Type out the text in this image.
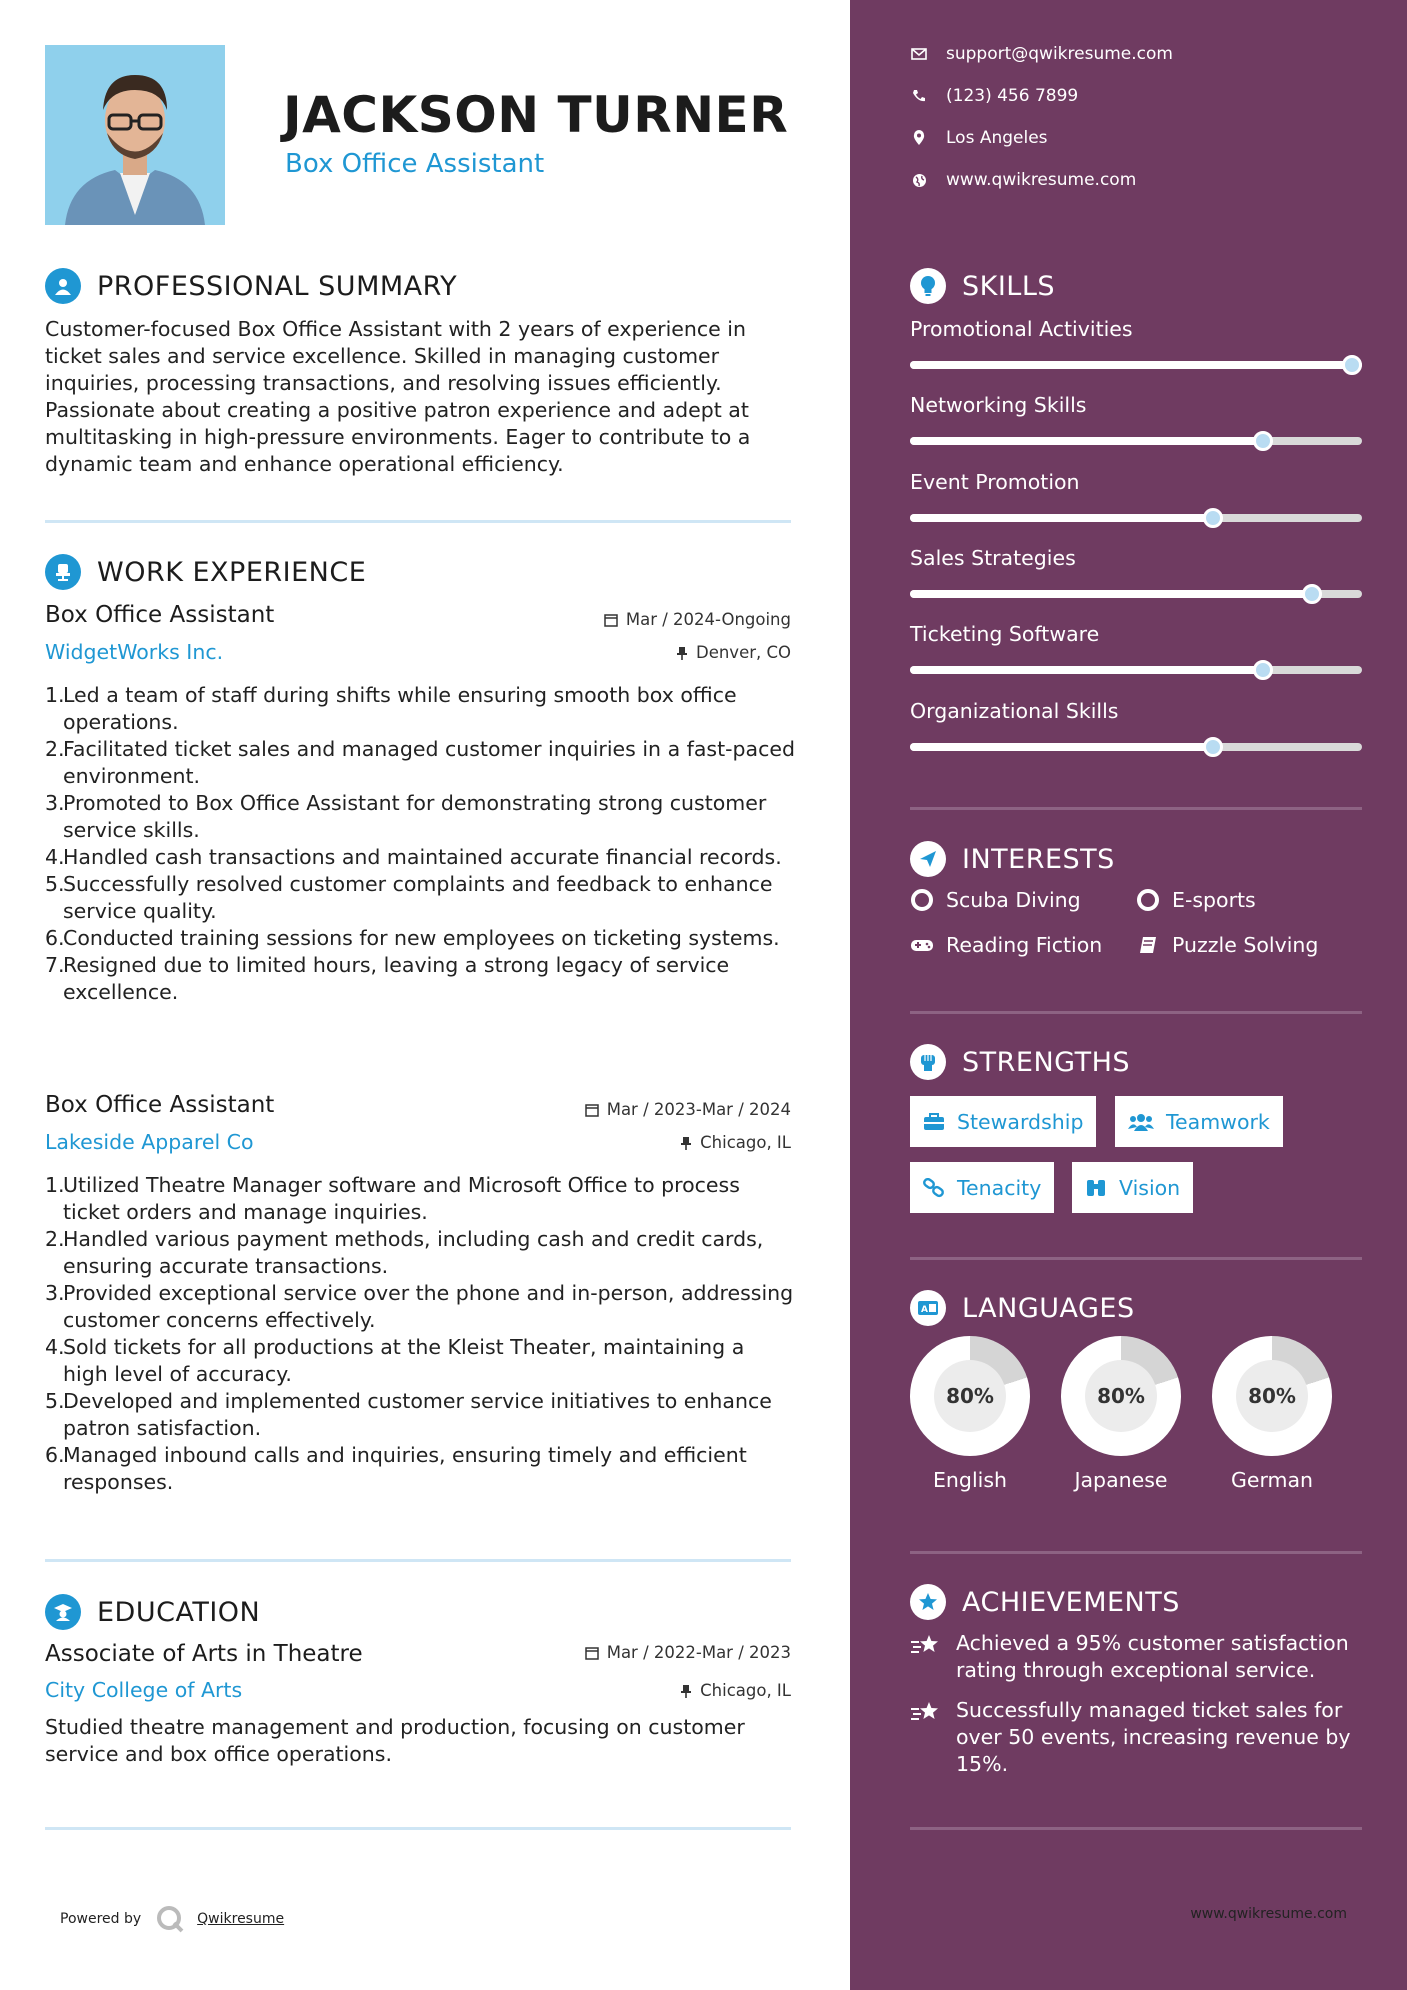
JACKSON TURNER
Box Office Assistant
PROFESSIONAL SUMMARY
Customer-focused Box Office Assistant with 2 years of experience in ticket sales and service excellence. Skilled in managing customer inquiries, processing transactions, and resolving issues efficiently. Passionate about creating a positive patron experience and adept at multitasking in high-pressure environments. Eager to contribute to a dynamic team and enhance operational efficiency.
WORK EXPERIENCE
Box Office Assistant	Mar / 2024-Ongoing
WidgetWorks Inc.	Denver, CO
1.
Led a team of staff during shifts while ensuring smooth box office operations.
2.
Facilitated ticket sales and managed customer inquiries in a fast-paced environment.
3.
Promoted to Box Office Assistant for demonstrating strong customer service skills.
4.
Handled cash transactions and maintained accurate financial records.
5.
Successfully resolved customer complaints and feedback to enhance service quality.
6.
Conducted training sessions for new employees on ticketing systems.
7.
Resigned due to limited hours, leaving a strong legacy of service excellence.
Box Office Assistant	Mar / 2023-Mar / 2024
Lakeside Apparel Co	Chicago, IL
1.
Utilized Theatre Manager software and Microsoft Office to process ticket orders and manage inquiries.
2.
Handled various payment methods, including cash and credit cards, ensuring accurate transactions.
3.
Provided exceptional service over the phone and in-person, addressing customer concerns effectively.
4.
Sold tickets for all productions at the Kleist Theater, maintaining a high level of accuracy.
5.
Developed and implemented customer service initiatives to enhance patron satisfaction.
6.
Managed inbound calls and inquiries, ensuring timely and efficient responses.
EDUCATION
Associate of Arts in Theatre	Mar / 2022-Mar / 2023
City College of Arts	Chicago, IL
Studied theatre management and production, focusing on customer service and box office operations.
Powered by	Qwikresume
support@qwikresume.com
(123) 456 7899
Los Angeles
www.qwikresume.com
SKILLS
Promotional Activities
Networking Skills
Event Promotion
Sales Strategies
Ticketing Software
Organizational Skills
INTERESTS
Scuba Diving	E-sports
Reading Fiction	Puzzle Solving
STRENGTHS
Stewardship	Teamwork
Tenacity	Vision
A LANGUAGES
80%
English
80%
Japanese
80%
German
ACHIEVEMENTS
Achieved a 95% customer satisfaction rating through exceptional service.
Successfully managed ticket sales for over 50 events, increasing revenue by 15%.
www.qwikresume.com
